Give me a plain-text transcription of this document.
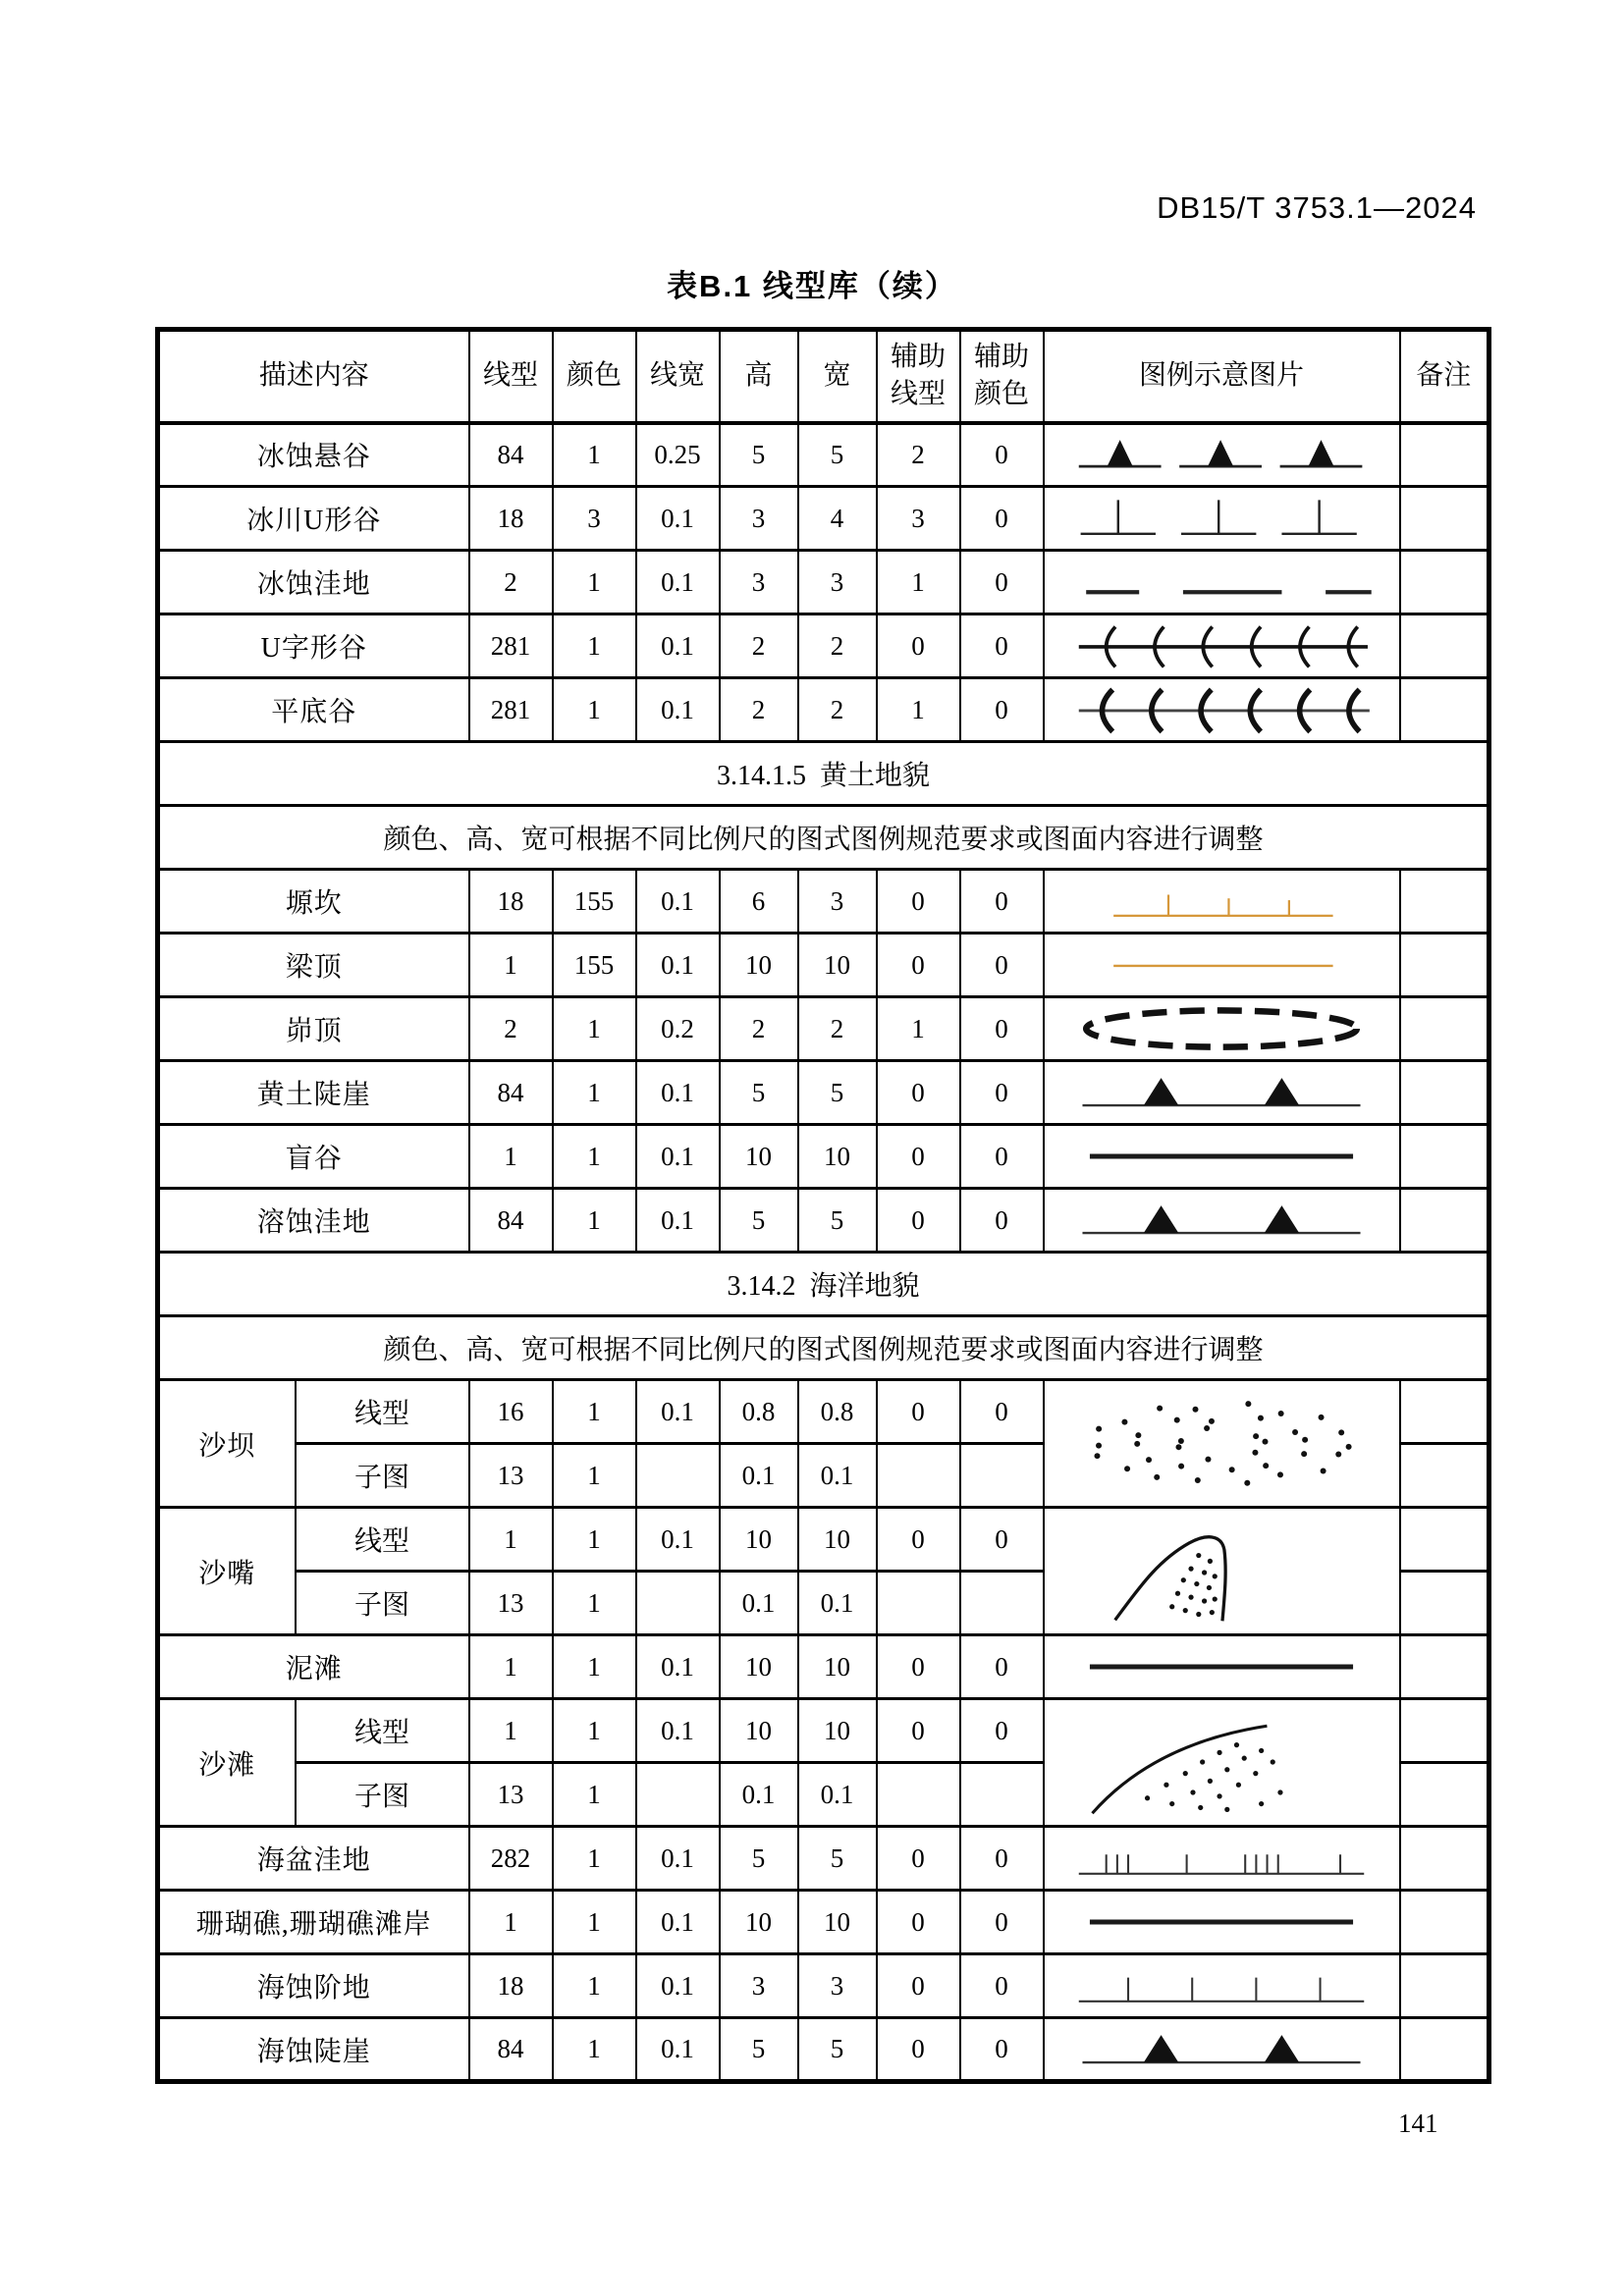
DB15/T 3753.1—2024
表B.1 线型库（续）
描述内容		线型	颜色	线宽	高	宽	辅助线型	辅助颜色	图例示意图片	备注
冰蚀悬谷		84	1	0.25	5	5	2	0	

冰川U形谷		18	3	0.1	3	4	3	0	

冰蚀洼地		2	1	0.1	3	3	1	0	

U字形谷		281	1	0.1	2	2	0	0	

平底谷		281	1	0.1	2	2	1	0	

3.14.1.5  黄土地貌										
颜色、高、宽可根据不同比例尺的图式图例规范要求或图面内容进行调整										
塬坎		18	155	0.1	6	3	0	0	

梁顶		1	155	0.1	10	10	0	0	

峁顶		2	1	0.2	2	2	1	0	

黄土陡崖		84	1	0.1	5	5	0	0	

盲谷		1	1	0.1	10	10	0	0	

溶蚀洼地		84	1	0.1	5	5	0	0	

3.14.2  海洋地貌										
颜色、高、宽可根据不同比例尺的图式图例规范要求或图面内容进行调整										
沙坝	线型	16	1	0.1	0.8	0.8	0	0	

	子图	13	1		0.1	0.1				
沙嘴	线型	1	1	0.1	10	10	0	0	

	子图	13	1		0.1	0.1				
泥滩		1	1	0.1	10	10	0	0	

沙滩	线型	1	1	0.1	10	10	0	0	

	子图	13	1		0.1	0.1				
海盆洼地		282	1	0.1	5	5	0	0	

珊瑚礁,珊瑚礁滩岸		1	1	0.1	10	10	0	0	

海蚀阶地		18	1	0.1	3	3	0	0	

海蚀陡崖		84	1	0.1	5	5	0	0	

141
